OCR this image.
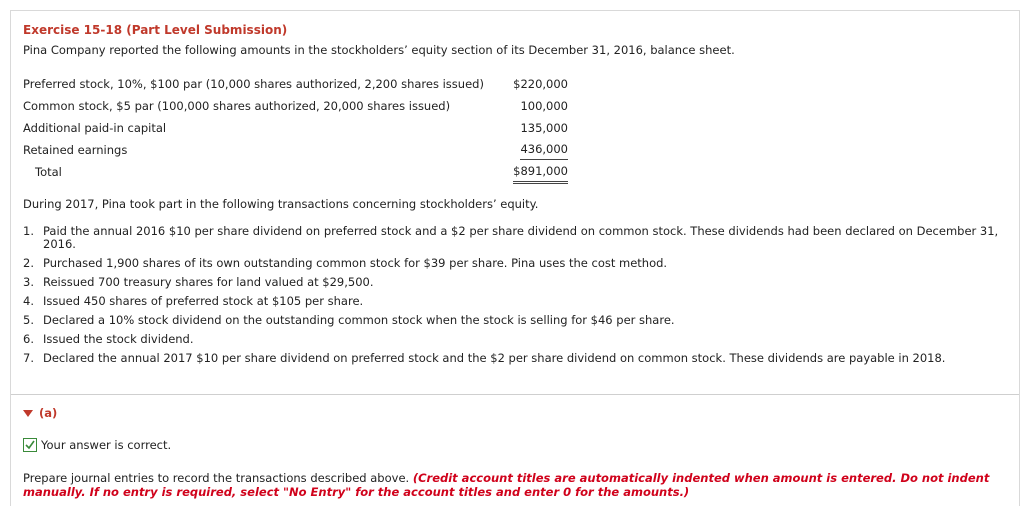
Exercise 15-18 (Part Level Submission)
Pina Company reported the following amounts in the stockholders’ equity section of its December 31, 2016, balance sheet.
Preferred stock, 10%, $100 par (10,000 shares authorized, 2,200 shares issued)	$220,000
Common stock, $5 par (100,000 shares authorized, 20,000 shares issued)	100,000
Additional paid-in capital	135,000
Retained earnings	436,000
Total	$891,000
During 2017, Pina took part in the following transactions concerning stockholders’ equity.
1. Paid the annual 2016 $10 per share dividend on preferred stock and a $2 per share dividend on common stock. These dividends had been declared on December 31, 2016.
2. Purchased 1,900 shares of its own outstanding common stock for $39 per share. Pina uses the cost method.
3. Reissued 700 treasury shares for land valued at $29,500.
4. Issued 450 shares of preferred stock at $105 per share.
5. Declared a 10% stock dividend on the outstanding common stock when the stock is selling for $46 per share.
6. Issued the stock dividend.
7. Declared the annual 2017 $10 per share dividend on preferred stock and the $2 per share dividend on common stock. These dividends are payable in 2018.
(a)
Your answer is correct.
Prepare journal entries to record the transactions described above. (Credit account titles are automatically indented when amount is entered. Do not indent manually. If no entry is required, select "No Entry" for the account titles and enter 0 for the amounts.)
